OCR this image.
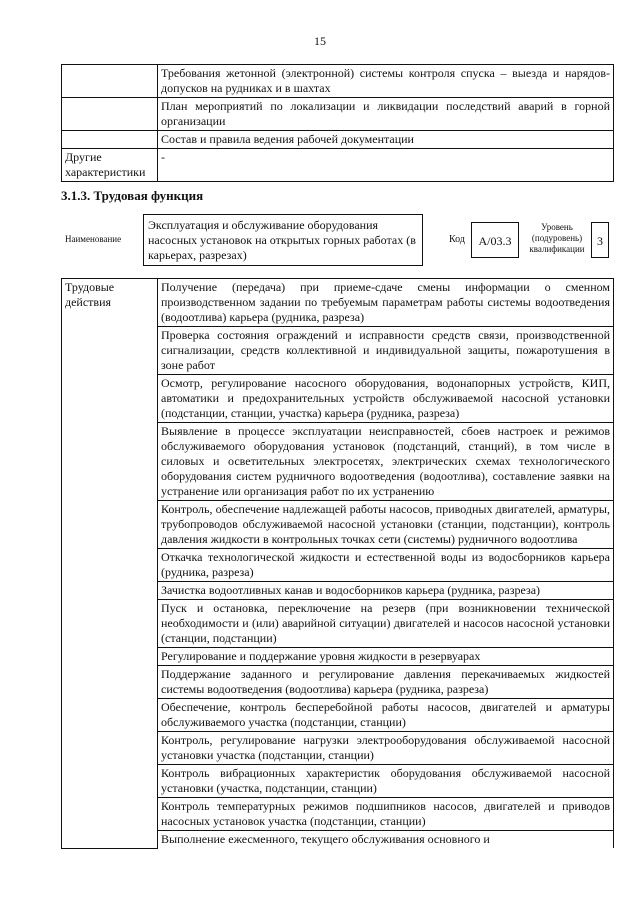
15
	Требования жетонной (электронной) системы контроля спуска – выезда и нарядов-допусков на рудниках и в шахтах
	План мероприятий по локализации и ликвидации последствий аварий в горной организации
	Состав и правила ведения рабочей документации
Другие характеристики	-
3.1.3. Трудовая функция
Наименование
Эксплуатация и обслуживание оборудования насосных установок на открытых горных работах (в карьерах, разрезах)
Код	А/03.3
Уровень (подуровень) квалификации
3
Трудовые действия	Получение (передача) при приеме-сдаче смены информации о сменном производственном задании по требуемым параметрам работы системы водоотведения (водоотлива) карьера (рудника, разреза)
Проверка состояния ограждений и исправности средств связи, производственной сигнализации, средств коллективной и индивидуальной защиты, пожаротушения в зоне работ
Осмотр, регулирование насосного оборудования, водонапорных устройств, КИП, автоматики и предохранительных устройств обслуживаемой насосной установки (подстанции, станции, участка) карьера (рудника, разреза)
Выявление в процессе эксплуатации неисправностей, сбоев настроек и режимов обслуживаемого оборудования установок (подстанций, станций), в том числе в силовых и осветительных электросетях, электрических схемах технологического оборудования систем рудничного водоотведения (водоотлива), составление заявки на устранение или организация работ по их устранению
Контроль, обеспечение надлежащей работы насосов, приводных двигателей, арматуры, трубопроводов обслуживаемой насосной установки (станции, подстанции), контроль давления жидкости в контрольных точках сети (системы) рудничного водоотлива
Откачка технологической жидкости и естественной воды из водосборников карьера (рудника, разреза)
Зачистка водоотливных канав и водосборников карьера (рудника, разреза)
Пуск и остановка, переключение на резерв (при возникновении технической необходимости и (или) аварийной ситуации) двигателей и насосов насосной установки (станции, подстанции)
Регулирование и поддержание уровня жидкости в резервуарах
Поддержание заданного и регулирование давления перекачиваемых жидкостей системы водоотведения (водоотлива) карьера (рудника, разреза)
Обеспечение, контроль бесперебойной работы насосов, двигателей и арматуры обслуживаемого участка (подстанции, станции)
Контроль, регулирование нагрузки электрооборудования обслуживаемой насосной установки участка (подстанции, станции)
Контроль вибрационных характеристик оборудования обслуживаемой насосной установки (участка, подстанции, станции)
Контроль температурных режимов подшипников насосов, двигателей и приводов насосных установок участка (подстанции, станции)
Выполнение ежесменного, текущего обслуживания основного и
